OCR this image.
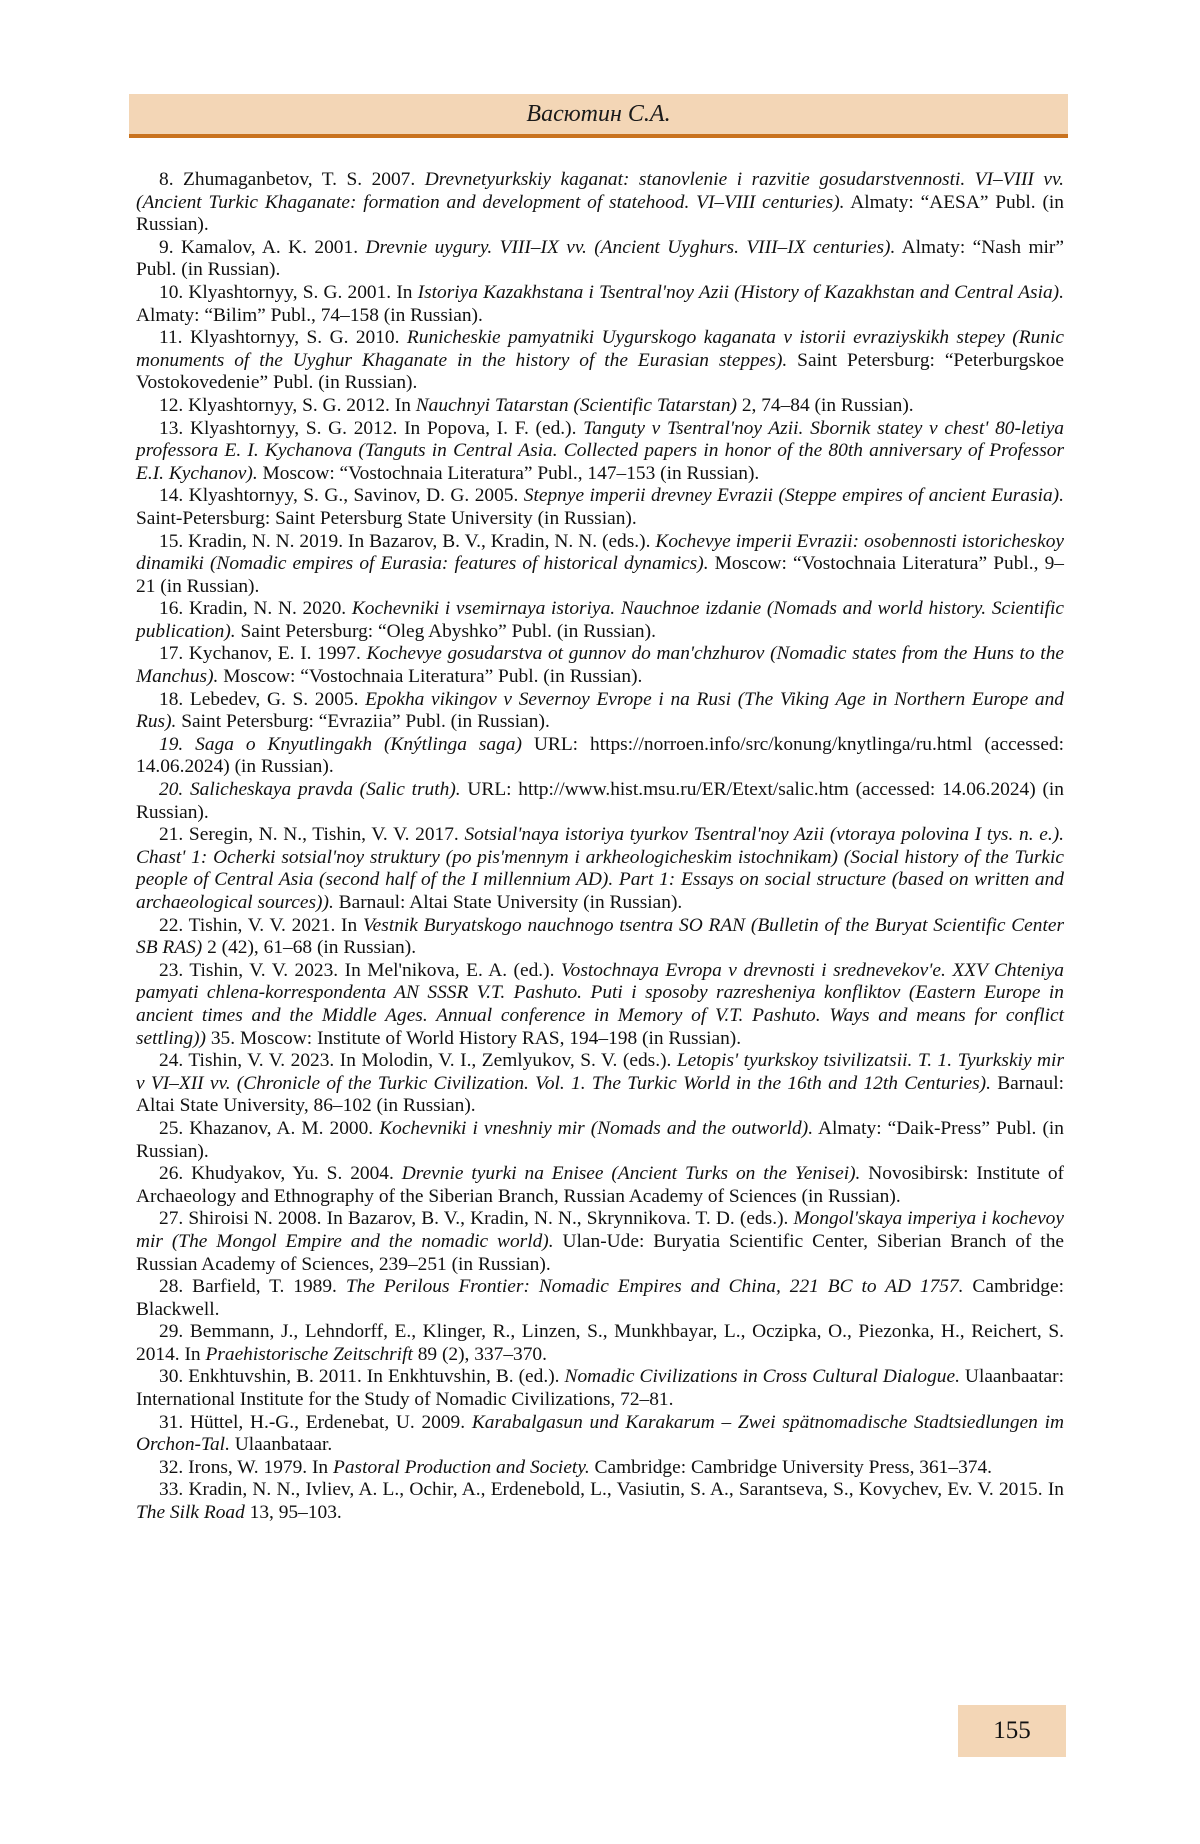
Васютин С.А.

8. Zhumaganbetov, T. S. 2007. Drevnetyurkskiy kaganat: stanovlenie i razvitie gosudarstvennosti. VI–VIII vv. (Ancient Turkic Khaganate: formation and development of statehood. VI–VIII centuries). Almaty: “AESA” Publ. (in Russian).

9. Kamalov, A. K. 2001. Drevnie uygury. VIII–IX vv. (Ancient Uyghurs. VIII–IX centuries). Almaty: “Nash mir” Publ. (in Russian).

10. Klyashtornyy, S. G. 2001. In Istoriya Kazakhstana i Tsentral'noy Azii (History of Kazakhstan and Central Asia). Almaty: “Bilim” Publ., 74–158 (in Russian).

11. Klyashtornyy, S. G. 2010. Runicheskie pamyatniki Uygurskogo kaganata v istorii evraziyskikh stepey (Runic monuments of the Uyghur Khaganate in the history of the Eurasian steppes). Saint Petersburg: “Peterburgskoe Vostokovedenie” Publ. (in Russian).

12. Klyashtornyy, S. G. 2012. In Nauchnyi Tatarstan (Scientific Tatarstan) 2, 74–84 (in Russian).

13. Klyashtornyy, S. G. 2012. In Popova, I. F. (ed.). Tanguty v Tsentral'noy Azii. Sbornik statey v chest' 80-letiya professora E. I. Kychanova (Tanguts in Central Asia. Collected papers in honor of the 80th anniversary of Professor E.I. Kychanov). Moscow: “Vostochnaia Literatura” Publ., 147–153 (in Russian).

14. Klyashtornyy, S. G., Savinov, D. G. 2005. Stepnye imperii drevney Evrazii (Steppe empires of ancient Eurasia). Saint-Petersburg: Saint Petersburg State University (in Russian).

15. Kradin, N. N. 2019. In Bazarov, B. V., Kradin, N. N. (eds.). Kochevye imperii Evrazii: osobennosti istoricheskoy dinamiki (Nomadic empires of Eurasia: features of historical dynamics). Moscow: “Vostochnaia Literatura” Publ., 9–21 (in Russian).

16. Kradin, N. N. 2020. Kochevniki i vsemirnaya istoriya. Nauchnoe izdanie (Nomads and world history. Scientific publication). Saint Petersburg: “Oleg Abyshko” Publ. (in Russian).

17. Kychanov, E. I. 1997. Kochevye gosudarstva ot gunnov do man'chzhurov (Nomadic states from the Huns to the Manchus). Moscow: “Vostochnaia Literatura” Publ. (in Russian).

18. Lebedev, G. S. 2005. Epokha vikingov v Severnoy Evrope i na Rusi (The Viking Age in Northern Europe and Rus). Saint Petersburg: “Evraziia” Publ. (in Russian).

19. Saga o Knyutlingakh (Knýtlinga saga) URL: https://norroen.info/src/konung/knytlinga/ru.html (accessed: 14.06.2024) (in Russian).

20. Salicheskaya pravda (Salic truth). URL: http://www.hist.msu.ru/ER/Etext/salic.htm (accessed: 14.06.2024) (in Russian).

21. Seregin, N. N., Tishin, V. V. 2017. Sotsial'naya istoriya tyurkov Tsentral'noy Azii (vtoraya polovina I tys. n. e.). Chast' 1: Ocherki sotsial'noy struktury (po pis'mennym i arkheologicheskim istochnikam) (Social history of the Turkic people of Central Asia (second half of the I millennium AD). Part 1: Essays on social structure (based on written and archaeological sources)). Barnaul: Altai State University (in Russian).

22. Tishin, V. V. 2021. In Vestnik Buryatskogo nauchnogo tsentra SO RAN (Bulletin of the Buryat Scientific Center SB RAS) 2 (42), 61–68 (in Russian).

23. Tishin, V. V. 2023. In Mel'nikova, E. A. (ed.). Vostochnaya Evropa v drevnosti i srednevekov'e. XXV Chteniya pamyati chlena-korrespondenta AN SSSR V.T. Pashuto. Puti i sposoby razresheniya konfliktov (Eastern Europe in ancient times and the Middle Ages. Annual conference in Memory of V.T. Pashuto. Ways and means for conflict settling)) 35. Moscow: Institute of World History RAS, 194–198 (in Russian).

24. Tishin, V. V. 2023. In Molodin, V. I., Zemlyukov, S. V. (eds.). Letopis' tyurkskoy tsivilizatsii. T. 1. Tyurkskiy mir v VI–XII vv. (Chronicle of the Turkic Civilization. Vol. 1. The Turkic World in the 16th and 12th Centuries). Barnaul: Altai State University, 86–102 (in Russian).

25. Khazanov, A. M. 2000. Kochevniki i vneshniy mir (Nomads and the outworld). Almaty: “Daik-Press” Publ. (in Russian).

26. Khudyakov, Yu. S. 2004. Drevnie tyurki na Enisee (Ancient Turks on the Yenisei). Novosibirsk: Institute of Archaeology and Ethnography of the Siberian Branch, Russian Academy of Sciences (in Russian).

27. Shiroisi N. 2008. In Bazarov, B. V., Kradin, N. N., Skrynnikova. T. D. (eds.). Mongol'skaya imperiya i kochevoy mir (The Mongol Empire and the nomadic world). Ulan-Ude: Buryatia Scientific Center, Siberian Branch of the Russian Academy of Sciences, 239–251 (in Russian).

28. Barfield, T. 1989. The Perilous Frontier: Nomadic Empires and China, 221 BC to AD 1757. Cambridge: Blackwell.

29. Bemmann, J., Lehndorff, E., Klinger, R., Linzen, S., Munkhbayar, L., Oczipka, O., Piezonka, H., Reichert, S. 2014. In Praehistorische Zeitschrift 89 (2), 337–370.

30. Enkhtuvshin, B. 2011. In Enkhtuvshin, B. (ed.). Nomadic Civilizations in Cross Cultural Dialogue. Ulaanbaatar: International Institute for the Study of Nomadic Civilizations, 72–81.

31. Hüttel, H.-G., Erdenebat, U. 2009. Karabalgasun und Karakarum – Zwei spätnomadische Stadtsiedlungen im Orchon-Tal. Ulaanbataar.

32. Irons, W. 1979. In Pastoral Production and Society. Cambridge: Cambridge University Press, 361–374.

33. Kradin, N. N., Ivliev, A. L., Ochir, A., Erdenebold, L., Vasiutin, S. A., Sarantseva, S., Kovychev, Ev. V. 2015. In The Silk Road 13, 95–103.

155
